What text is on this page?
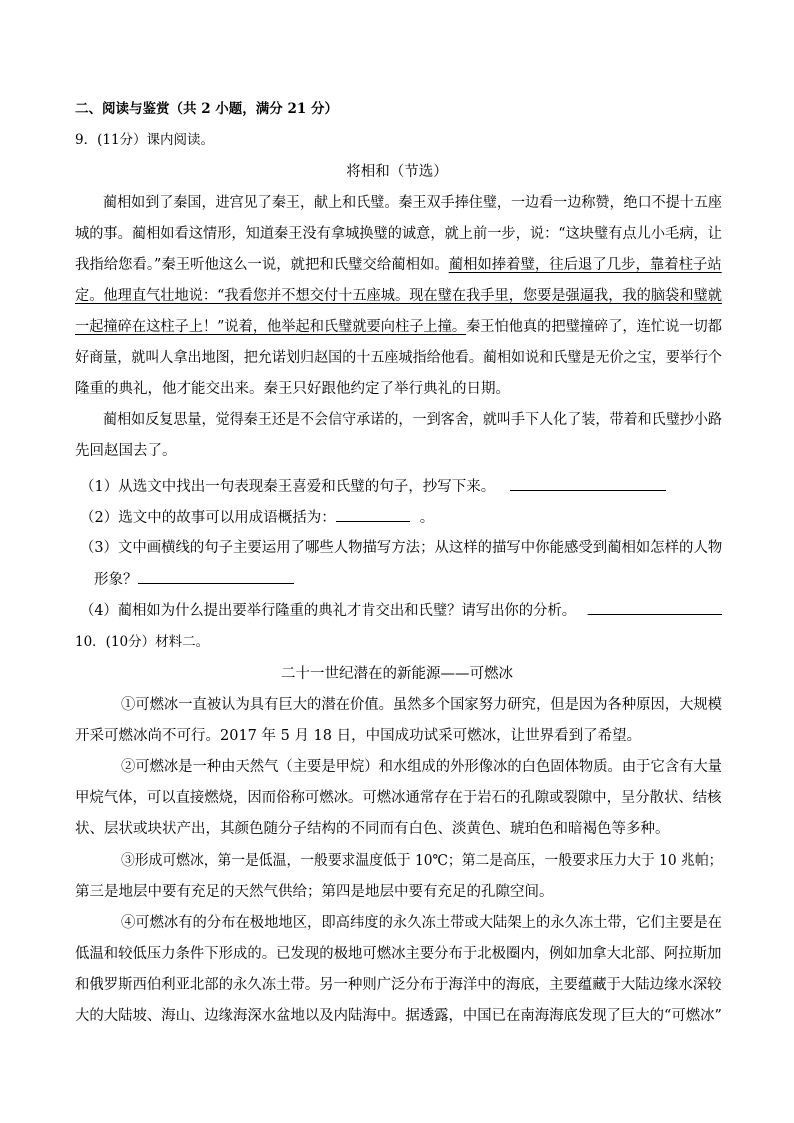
二、阅读与鉴赏（共 2 小题，满分 21 分）
9．(11分）课内阅读。
将相和（节选）
蔺相如到了秦国，进宫见了秦王，献上和氏璧。秦王双手捧住璧，一边看一边称赞，绝口不提十五座
城的事。蔺相如看这情形，知道秦王没有拿城换璧的诚意，就上前一步，说：“这块璧有点儿小毛病，让
我指给您看。”秦王听他这么一说，就把和氏璧交给蔺相如。蔺相如捧着璧，往后退了几步，靠着柱子站
定。他理直气壮地说：“我看您并不想交付十五座城。现在璧在我手里，您要是强逼我，我的脑袋和璧就
一起撞碎在这柱子上！”说着，他举起和氏璧就要向柱子上撞。秦王怕他真的把璧撞碎了，连忙说一切都
好商量，就叫人拿出地图，把允诺划归赵国的十五座城指给他看。蔺相如说和氏璧是无价之宝，要举行个
隆重的典礼，他才能交出来。秦王只好跟他约定了举行典礼的日期。
蔺相如反复思量，觉得秦王还是不会信守承诺的，一到客舍，就叫手下人化了装，带着和氏璧抄小路
先回赵国去了。
（1）从选文中找出一句表现秦王喜爱和氏璧的句子，抄写下来。
（2）选文中的故事可以用成语概括为：	。
（3）文中画横线的句子主要运用了哪些人物描写方法；从这样的描写中你能感受到蔺相如怎样的人物
形象？
（4）蔺相如为什么提出要举行隆重的典礼才肯交出和氏璧？请写出你的分析。
10．(10分）材料二。
二十一世纪潜在的新能源——可燃冰
①可燃冰一直被认为具有巨大的潜在价值。虽然多个国家努力研究，但是因为各种原因，大规模
开采可燃冰尚不可行。2017 年 5 月 18 日，中国成功试采可燃冰，让世界看到了希望。
②可燃冰是一种由天然气（主要是甲烷）和水组成的外形像冰的白色固体物质。由于它含有大量
甲烷气体，可以直接燃烧，因而俗称可燃冰。可燃冰通常存在于岩石的孔隙或裂隙中，呈分散状、结核
状、层状或块状产出，其颜色随分子结构的不同而有白色、淡黄色、琥珀色和暗褐色等多种。
③形成可燃冰，第一是低温，一般要求温度低于 10℃；第二是高压，一般要求压力大于 10 兆帕；
第三是地层中要有充足的天然气供给；第四是地层中要有充足的孔隙空间。
④可燃冰有的分布在极地地区，即高纬度的永久冻土带或大陆架上的永久冻土带，它们主要是在
低温和较低压力条件下形成的。已发现的极地可燃冰主要分布于北极圈内，例如加拿大北部、阿拉斯加
和俄罗斯西伯利亚北部的永久冻土带。另一种则广泛分布于海洋中的海底，主要蕴藏于大陆边缘水深较
大的大陆坡、海山、边缘海深水盆地以及内陆海中。据透露，中国已在南海海底发现了巨大的“可燃冰”
